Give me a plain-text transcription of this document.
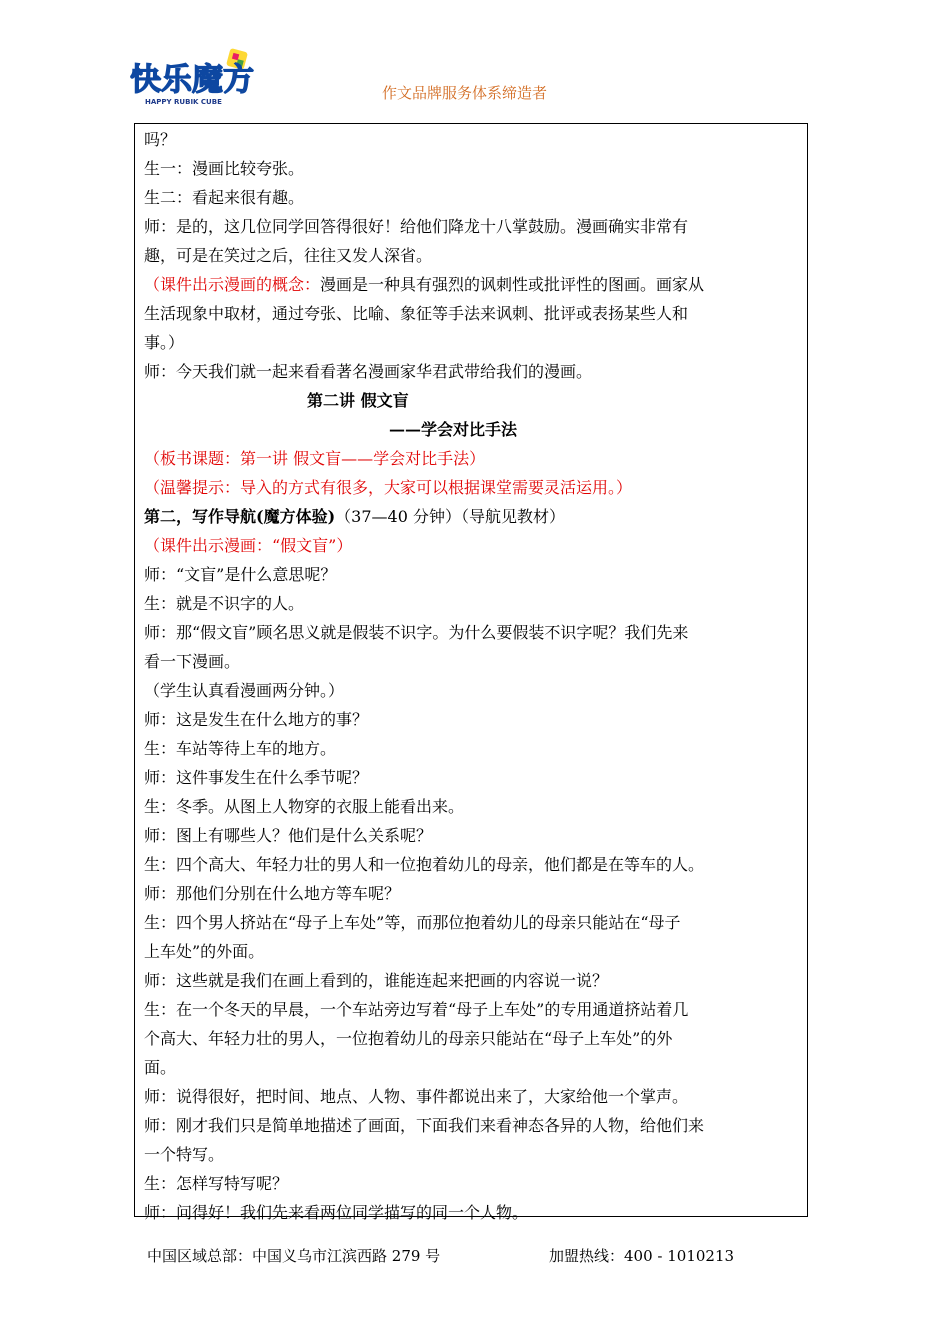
快乐魔方
HAPPY RUBIK CUBE	作文品牌服务体系缔造者
吗？
生一：漫画比较夸张。
生二：看起来很有趣。
师：是的，这几位同学回答得很好！给他们降龙十八掌鼓励。漫画确实非常有
趣，可是在笑过之后，往往又发人深省。
（课件出示漫画的概念：漫画是一种具有强烈的讽刺性或批评性的图画。画家从
生活现象中取材，通过夸张、比喻、象征等手法来讽刺、批评或表扬某些人和
事。）
师：今天我们就一起来看看著名漫画家华君武带给我们的漫画。
第二讲 假文盲
——学会对比手法
（板书课题：第一讲 假文盲——学会对比手法）
（温馨提示：导入的方式有很多，大家可以根据课堂需要灵活运用。）
第二，写作导航(魔方体验)（37—40 分钟）（导航见教材）
（课件出示漫画：“假文盲”）
师：“文盲”是什么意思呢？
生：就是不识字的人。
师：那“假文盲”顾名思义就是假装不识字。为什么要假装不识字呢？我们先来
看一下漫画。
（学生认真看漫画两分钟。）
师：这是发生在什么地方的事？
生：车站等待上车的地方。
师：这件事发生在什么季节呢？
生：冬季。从图上人物穿的衣服上能看出来。
师：图上有哪些人？他们是什么关系呢？
生：四个高大、年轻力壮的男人和一位抱着幼儿的母亲，他们都是在等车的人。
师：那他们分别在什么地方等车呢？
生：四个男人挤站在“母子上车处”等，而那位抱着幼儿的母亲只能站在“母子
上车处”的外面。
师：这些就是我们在画上看到的，谁能连起来把画的内容说一说？
生：在一个冬天的早晨，一个车站旁边写着“母子上车处”的专用通道挤站着几
个高大、年轻力壮的男人，一位抱着幼儿的母亲只能站在“母子上车处”的外
面。
师：说得很好，把时间、地点、人物、事件都说出来了，大家给他一个掌声。
师：刚才我们只是简单地描述了画面，下面我们来看神态各异的人物，给他们来
一个特写。
生：怎样写特写呢？
师：问得好！我们先来看两位同学描写的同一个人物。
中国区域总部：中国义乌市江滨西路 279 号	加盟热线：400 - 1010213
